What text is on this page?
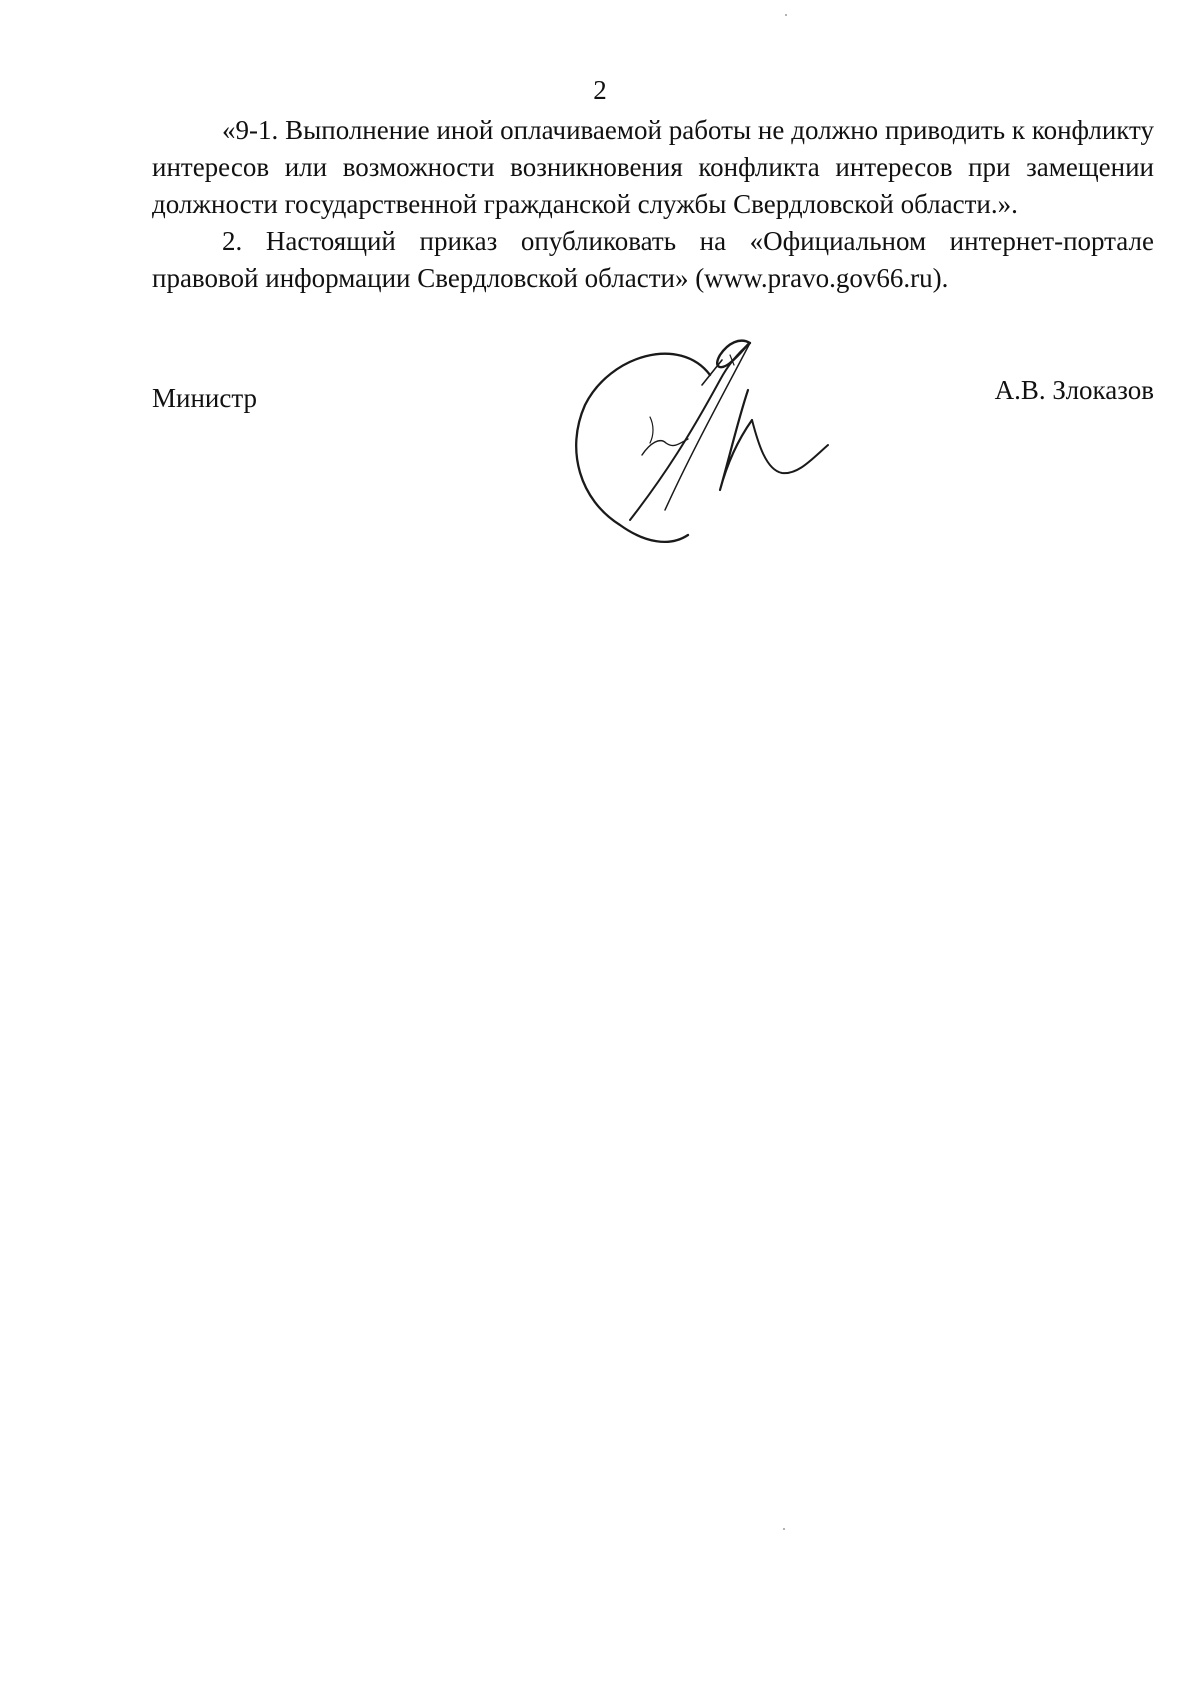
2

«9-1. Выполнение иной оплачиваемой работы не должно приводить к конфликту интересов или возможности возникновения конфликта интересов при замещении должности государственной гражданской службы Свердловской области.».

2. Настоящий приказ опубликовать на «Официальном интернет-портале правовой информации Свердловской области» (www.pravo.gov66.ru).

Министр	А.В. Злоказов
